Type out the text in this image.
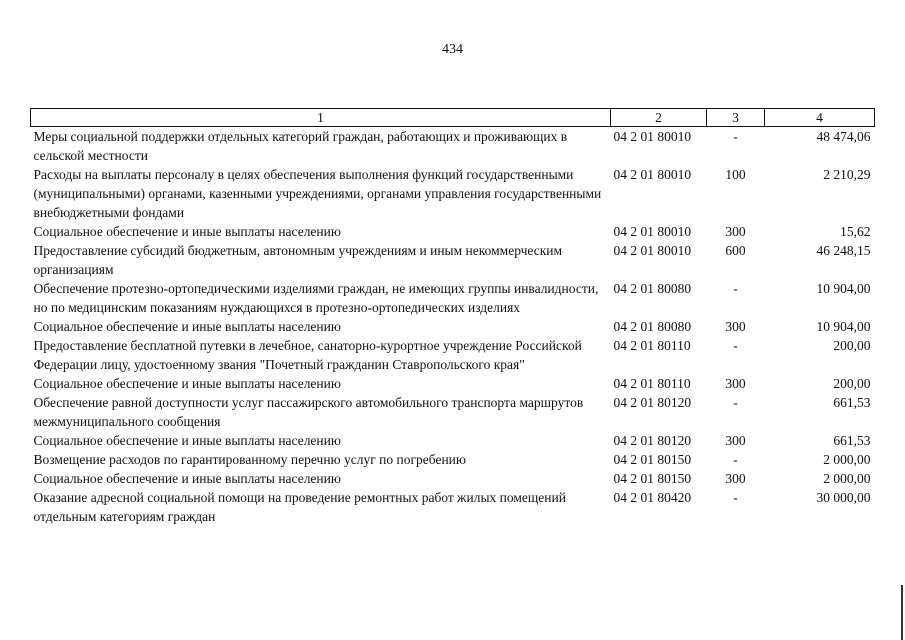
434
1	2	3	4
Меры социальной поддержки отдельных категорий граждан, работающих и проживающих в сельской местности	04 2 01 80010	-	48 474,06
Расходы на выплаты персоналу в целях обеспечения выполнения функций государственными (муниципальными) органами, казенными учреждениями, органами управления государственными внебюджетными фондами	04 2 01 80010	100	2 210,29
Социальное обеспечение и иные выплаты населению	04 2 01 80010	300	15,62
Предоставление субсидий бюджетным, автономным учреждениям и иным некоммерческим организациям	04 2 01 80010	600	46 248,15
Обеспечение протезно-ортопедическими изделиями граждан, не имеющих группы инвалидности, но по медицинским показаниям нуждающихся в протезно-ортопедических изделиях	04 2 01 80080	-	10 904,00
Социальное обеспечение и иные выплаты населению	04 2 01 80080	300	10 904,00
Предоставление бесплатной путевки в лечебное, санаторно-курортное учреждение Российской Федерации лицу, удостоенному звания "Почетный гражданин Ставропольского края"	04 2 01 80110	-	200,00
Социальное обеспечение и иные выплаты населению	04 2 01 80110	300	200,00
Обеспечение равной доступности услуг пассажирского автомобильного транспорта маршрутов межмуниципального сообщения	04 2 01 80120	-	661,53
Социальное обеспечение и иные выплаты населению	04 2 01 80120	300	661,53
Возмещение расходов по гарантированному перечню услуг по погребению	04 2 01 80150	-	2 000,00
Социальное обеспечение и иные выплаты населению	04 2 01 80150	300	2 000,00
Оказание адресной социальной помощи на проведение ремонтных работ жилых помещений отдельным категориям граждан	04 2 01 80420	-	30 000,00
